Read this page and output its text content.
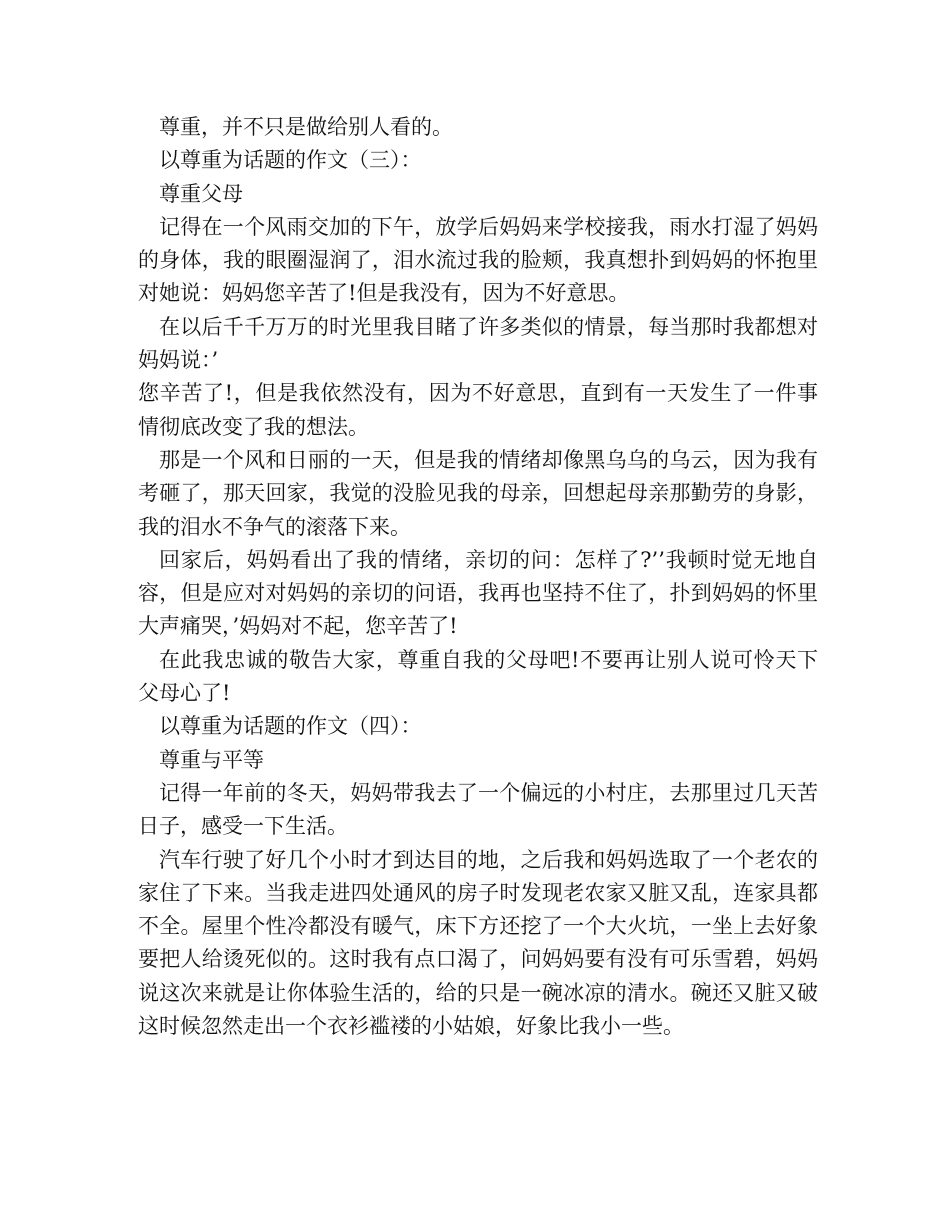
尊重，并不只是做给别人看的。

以尊重为话题的作文（三）：

尊重父母

记得在一个风雨交加的下午，放学后妈妈来学校接我，雨水打湿了妈妈的身体，我的眼圈湿润了，泪水流过我的脸颊，我真想扑到妈妈的怀抱里对她说：妈妈您辛苦了!但是我没有，因为不好意思。

在以后千千万万的时光里我目睹了许多类似的情景，每当那时我都想对妈妈说：’

您辛苦了!，但是我依然没有，因为不好意思，直到有一天发生了一件事情彻底改变了我的想法。

那是一个风和日丽的一天，但是我的情绪却像黑乌乌的乌云，因为我有考砸了，那天回家，我觉的没脸见我的母亲，回想起母亲那勤劳的身影，我的泪水不争气的滚落下来。

回家后，妈妈看出了我的情绪，亲切的问：怎样了?’’我顿时觉无地自容，但是应对对妈妈的亲切的问语，我再也坚持不住了，扑到妈妈的怀里大声痛哭，’妈妈对不起，您辛苦了!

在此我忠诚的敬告大家，尊重自我的父母吧!不要再让别人说可怜天下父母心了!

以尊重为话题的作文（四）：

尊重与平等

记得一年前的冬天，妈妈带我去了一个偏远的小村庄，去那里过几天苦日子，感受一下生活。

汽车行驶了好几个小时才到达目的地，之后我和妈妈选取了一个老农的家住了下来。当我走进四处通风的房子时发现老农家又脏又乱，连家具都不全。屋里个性冷都没有暖气，床下方还挖了一个大火坑，一坐上去好象要把人给烫死似的。这时我有点口渴了，问妈妈要有没有可乐雪碧，妈妈说这次来就是让你体验生活的，给的只是一碗冰凉的清水。碗还又脏又破这时候忽然走出一个衣衫褴褛的小姑娘，好象比我小一些。
